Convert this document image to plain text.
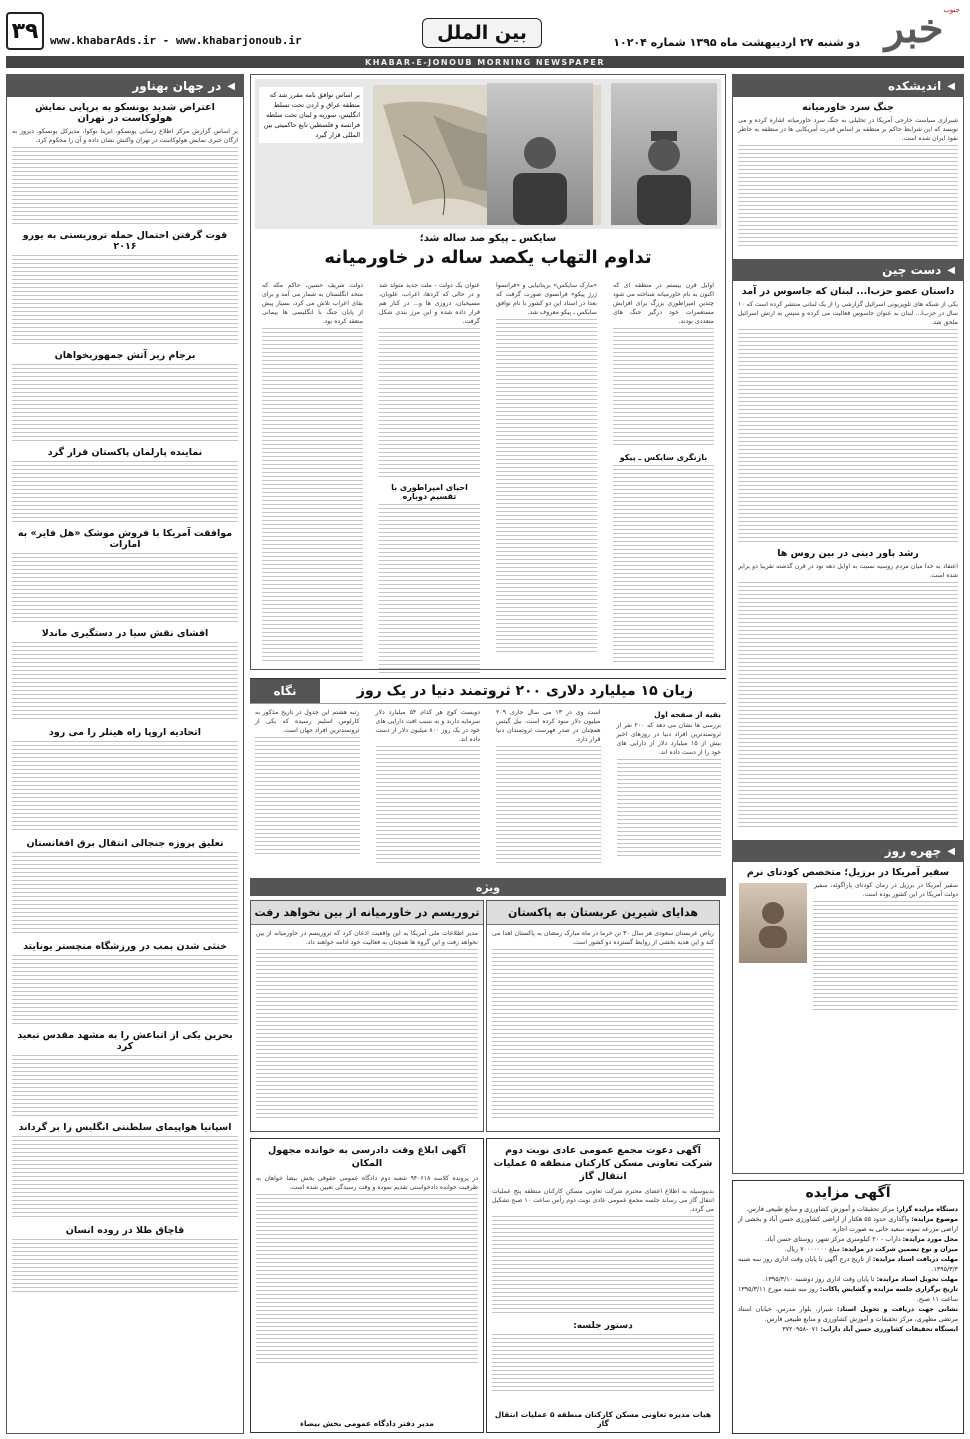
جنوب
خبر
دو شنبه ۲۷ اردیبهشت ماه ۱۳۹۵ شماره ۱۰۲۰۴
بین الملل
www.khabarAds.ir - www.khabarjonoub.ir
۳۹
KHABAR-E-JONOUB MORNING NEWSPAPER
◀
اندیشکده
جنگ سرد خاورمیانه
شیرازی سیاست خارجی آمریکا در تحلیلی به جنگ سرد خاورمیانه اشاره کرده و می نویسد که این شرایط حاکم بر منطقه بر اساس قدرت آمریکایی ها در منطقه به خاطر نفوذ ایران شده است.
◀
دست چین
داستان عضو حزب‌ا... لبنان که جاسوس در آمد
یکی از شبکه های تلویزیونی اسرائیل گزارشی را از یک لبنانی منتشر کرده است که ۱۰ سال در حزب‌ا... لبنان به عنوان جاسوس فعالیت می کرده و سپس به ارتش اسرائیل ملحق شد.
رشد باور دینی در بین روس ها
اعتقاد به خدا میان مردم روسیه نسبت به اوایل دهه نود در قرن گذشته تقریبا دو برابر شده است.
◀
چهره روز
سفیر آمریکا در برزیل؛ متخصص کودتای نرم
سفیر آمریکا در برزیل در زمان کودتای پاراگوئه، سفیر دولت آمریکا در این کشور بوده است.
◀
در جهان بهناور
اعتراض شدید یونسکو به برپایی نمایش هولوکاست در تهران
بر اساس گزارش مرکز اطلاع رسانی یونسکو، ایرینا بوکوا، مدیرکل یونسکو، دیروز به ارگان خبری نمایش هولوکاست در تهران واکنش نشان داده و آن را محکوم کرد.
قوت گرفتن احتمال حمله تروریستی به یورو ۲۰۱۶
برجام زیر آتش جمهوریخواهان
نماینده پارلمان پاکستان قرار گرد
موافقت آمریکا با فروش موشک «هل فایر» به امارات
افشای نقش سیا در دستگیری ماندلا
اتحادیه اروپا راه هیتلر را می رود
تعلیق پروژه جنجالی انتقال برق افغانستان
خنثی شدن بمب در ورزشگاه منچستر یونایتد
بحرین یکی از اتباعش را به مشهد مقدس تبعید کرد
اسپانیا هواپیمای سلطنتی انگلیس را بر گرداند
قاچاق طلا در روده انسان
بر اساس توافق نامه مقرر شد که منطقه عراق و اردن تحت تسلط انگلیس، سوریه و لبنان تحت سلطه فرانسه و فلسطین تابع حاکمیتی بین المللی قرار گیرد
سایکس ـ پیکو صد ساله شد؛
تداوم التهاب یکصد ساله در خاورمیانه
اوایل قرن بیستم در منطقه ای که اکنون به نام خاورمیانه شناخته می شود چندین امپراطوری بزرگ برای افزایش مستعمرات خود درگیر جنگ های متعددی بودند.
بازنگری سایکس ـ پیکو
«مارک سایکس» بریتانیایی و «فرانسوا ژرژ پیکو» فرانسوی صورت گرفت که بعدا در اسناد این دو کشور با نام توافق سایکس ـ پیکو معروف شد.
عنوان یک دولت - ملت جدید متولد شد و در حالی که کردها، اعراب، علویان، مسیحیان، دروزی ها و... در کنار هم قرار داده شده و این مرز بندی شکل گرفت.
احیای امپراطوری با تقسیم دوباره
دولت شریف حسین، حاکم مکه که متحد انگلستان به شمار می آمد و برای بقای اعراب تلاش می کرد، بسیار پیش از پایان جنگ با انگلیسی ها پیمانی منعقد کرده بود.
نگاه	زیان ۱۵ میلیارد دلاری ۲۰۰ ثروتمند دنیا در یک روز
بقیه از صفحه اول
بررسی ها نشان می دهد که ۲۰۰ نفر از ثروتمندترین افراد دنیا در روزهای اخیر بیش از ۱۵ میلیارد دلار از دارایی های خود را از دست داده اند.
است وی در ۱۳ می سال جاری ۲۰۹ میلیون دلار سود کرده است. بیل گیتس همچنان در صدر فهرست ثروتمندان دنیا قرار دارد.
دویست کوچ هر کدام ۵۴ میلیارد دلار سرمایه دارند و به سبب افت دارایی های خود در یک روز ۸۰۰ میلیون دلار از دست داده اند.
رتبه هشتم این جدول در تاریخ مذکور به کارلوس اسلیم رسیده که یکی از ثروتمندترین افراد جهان است.
ویژه
هدایای شیرین عربستان به پاکستان
ریاض عربستان سعودی هر سال ۳۰ تن خرما در ماه مبارک رمضان به پاکستان اهدا می کند و این هدیه بخشی از روابط گسترده دو کشور است.
تروریسم در خاورمیانه از بین نخواهد رفت
مدیر اطلاعات ملی آمریکا به این واقعیت اذعان کرد که تروریسم در خاورمیانه از بین نخواهد رفت و این گروه ها همچنان به فعالیت خود ادامه خواهند داد.
آگهی دعوت مجمع عمومی عادی نوبت دوم شرکت تعاونی مسکن کارکنان منطقه ۵ عملیات انتقال گاز
بدینوسیله به اطلاع اعضای محترم شرکت تعاونی مسکن کارکنان منطقه پنج عملیات انتقال گاز می رساند جلسه مجمع عمومی عادی نوبت دوم رأس ساعت ۱۰ صبح تشکیل می گردد.
دستور جلسه:
هیات مدیره تعاونی مسکن کارکنان منطقه ۵ عملیات انتقال گاز
آگهی ابلاغ وقت دادرسی به خوانده مجهول المکان
در پرونده کلاسه ۹۴۰۶۱۸ شعبه دوم دادگاه عمومی حقوقی بخش بیضا خواهان به طرفیت خوانده دادخواستی تقدیم نموده و وقت رسیدگی تعیین شده است.
مدیر دفتر دادگاه عمومی بخش بیضاء
آگهی مزایده
دستگاه مزایده گزار: مرکز تحقیقات و آموزش کشاورزی و منابع طبیعی فارس.
موضوع مزایده: واگذاری حدود ۵۵ هکتار از اراضی کشاورزی حسن آباد و بخشی از اراضی مزرعه نمونه سعید خانی به صورت اجاره.
محل مورد مزایده: داراب - ۲۰ کیلومتری مرکز شهر، روستای حسن آباد.
میزان و نوع تضمین شرکت در مزایده: مبلغ ۷۰۰۰۰۰۰۰ ریال.
مهلت دریافت اسناد مزایده: از تاریخ درج آگهی تا پایان وقت اداری روز سه شنبه ۱۳۹۵/۳/۴.
مهلت تحویل اسناد مزایده: تا پایان وقت اداری روز دوشنبه ۱۳۹۵/۳/۱۰.
تاریخ برگزاری جلسه مزایده و گشایش پاکات: روز سه شنبه مورخ ۱۳۹۵/۳/۱۱ ساعت ۱۱ صبح.
نشانی جهت دریافت و تحویل اسناد: شیراز، بلوار مدرس، خیابان استاد مرتضی مطهری، مرکز تحقیقات و آموزش کشاورزی و منابع طبیعی فارس.
ایستگاه تحقیقات کشاورزی حسن آباد داراب: ۰۷۱-۳۷۲۰۹۵۸
